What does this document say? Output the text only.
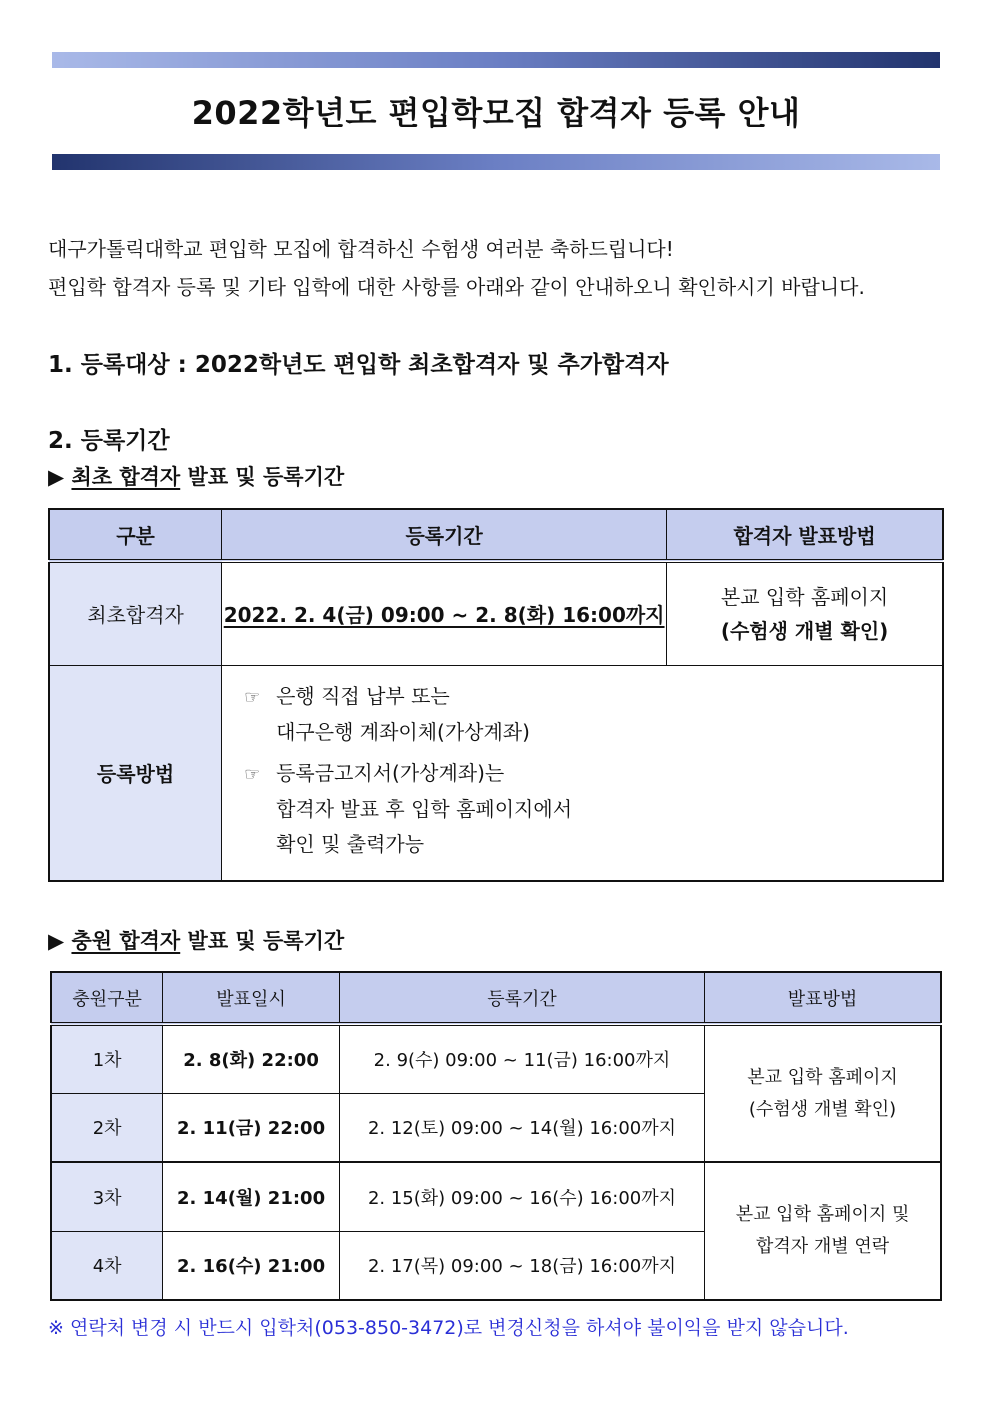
2022학년도 편입학모집 합격자 등록 안내
대구가톨릭대학교 편입학 모집에 합격하신 수험생 여러분 축하드립니다!
편입학 합격자 등록 및 기타 입학에 대한 사항를 아래와 같이 안내하오니 확인하시기 바랍니다.
1. 등록대상 : 2022학년도 편입학 최초합격자 및 추가합격자
2. 등록기간
▶ 최초 합격자 발표 및 등록기간
구분	등록기간	합격자 발표방법
최초합격자	2022. 2. 4(금) 09:00 ~ 2. 8(화) 16:00까지	본교 입학 홈페이지
(수험생 개별 확인)

등록방법	☞ 은행 직접 납부 또는
대구은행 계좌이체(가상계좌)
☞ 등록금고지서(가상계좌)는
합격자 발표 후 입학 홈페이지에서
확인 및 출력가능	
▶ 충원 합격자 발표 및 등록기간
충원구분	발표일시	등록기간	발표방법
1차	2. 8(화) 22:00	2. 9(수) 09:00 ~ 11(금) 16:00까지	본교 입학 홈페이지
(수험생 개별 확인)

2차	2. 11(금) 22:00	2. 12(토) 09:00 ~ 14(월) 16:00까지	
3차	2. 14(월) 21:00	2. 15(화) 09:00 ~ 16(수) 16:00까지	본교 입학 홈페이지 및
합격자 개별 연락

4차	2. 16(수) 21:00	2. 17(목) 09:00 ~ 18(금) 16:00까지	
※ 연락처 변경 시 반드시 입학처(053-850-3472)로 변경신청을 하셔야 불이익을 받지 않습니다.
